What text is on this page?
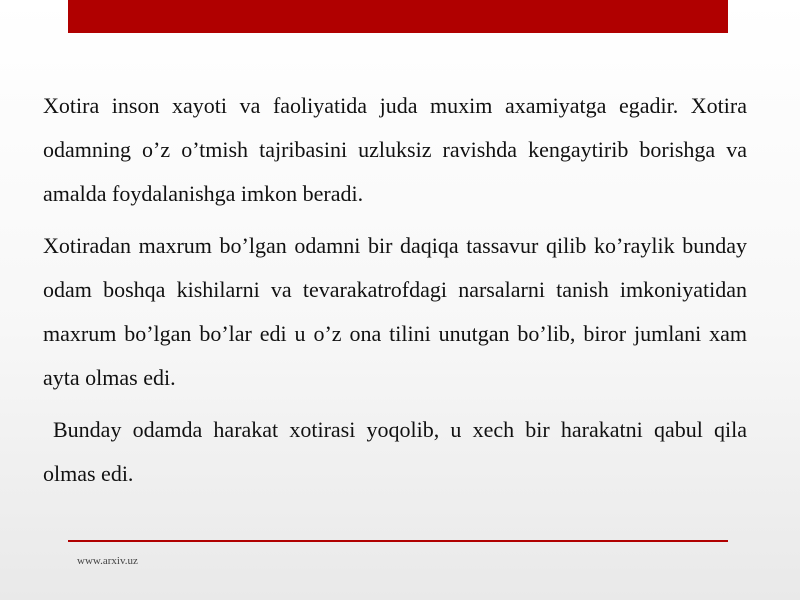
Xotira inson xayoti va faoliyatida juda muxim axamiyatga egadir. Xotira odamning o’z o’tmish tajribasini uzluksiz ravishda kengaytirib borishga va amalda foydalanishga imkon beradi.

Xotiradan maxrum bo’lgan odamni bir daqiqa tassavur qilib ko’raylik bunday odam boshqa kishilarni va tevarakatrofdagi narsalarni tanish imkoniyatidan maxrum bo’lgan bo’lar edi u o’z ona tilini unutgan bo’lib, biror jumlani xam ayta olmas edi.

Bunday odamda harakat xotirasi yoqolib, u xech bir harakatni qabul qila olmas edi.

www.arxiv.uz
